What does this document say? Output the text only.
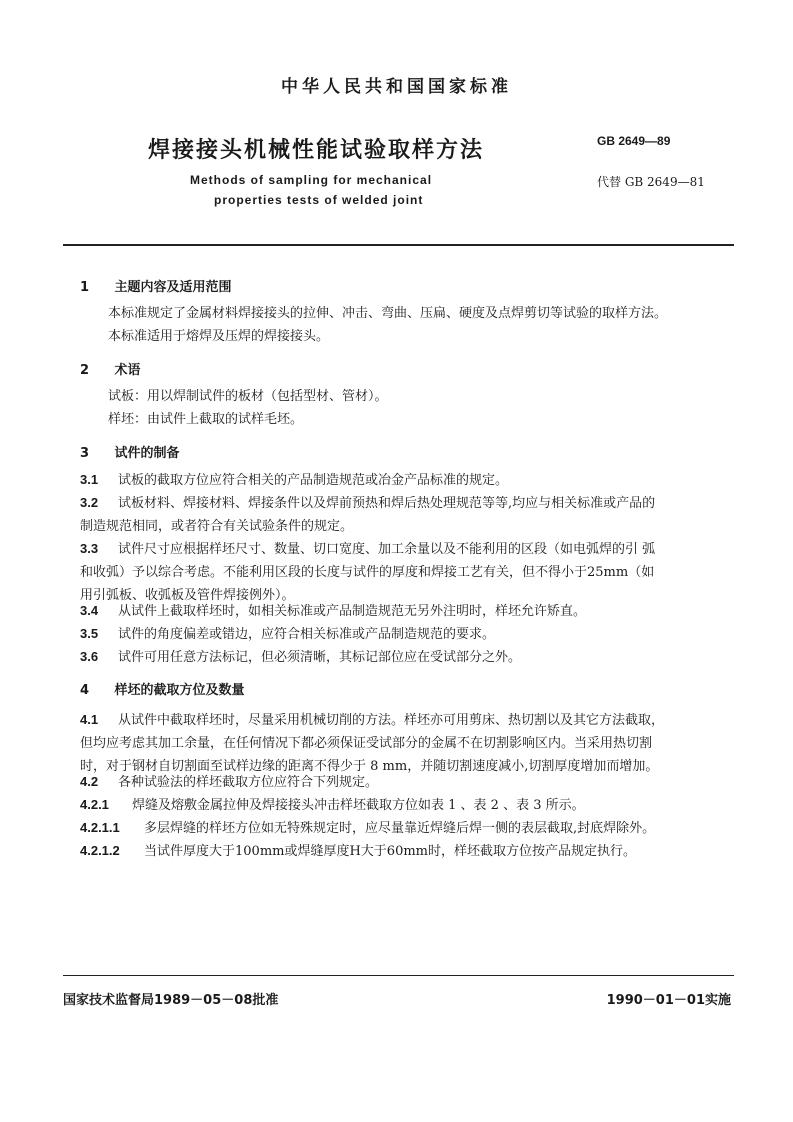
中华人民共和国国家标准
焊接接头机械性能试验取样方法	GB 2649—89
Methods of sampling for mechanical
properties tests of welded joint
代替 GB 2649—81
1 主题内容及适用范围
本标准规定了金属材料焊接接头的拉伸、冲击、弯曲、压扁、硬度及点焊剪切等试验的取样方法。
本标准适用于熔焊及压焊的焊接接头。
2 术语
试板：用以焊制试件的板材（包括型材、管材）。
样坯：由试件上截取的试样毛坯。
3 试件的制备
3.1 试板的截取方位应符合相关的产品制造规范或冶金产品标准的规定。
3.2 试板材料、焊接材料、焊接条件以及焊前预热和焊后热处理规范等等,均应与相关标准或产品的
制造规范相同，或者符合有关试验条件的规定。
3.3 试件尺寸应根据样坯尺寸、数量、切口宽度、加工余量以及不能利用的区段（如电弧焊的引 弧
和收弧）予以综合考虑。不能利用区段的长度与试件的厚度和焊接工艺有关，但不得小于25mm（如
用引弧板、收弧板及管件焊接例外）。
3.4 从试件上截取样坯时，如相关标准或产品制造规范无另外注明时，样坯允许矫直。
3.5 试件的角度偏差或错边，应符合相关标准或产品制造规范的要求。
3.6 试件可用任意方法标记，但必须清晰，其标记部位应在受试部分之外。
4 样坯的截取方位及数量
4.1 从试件中截取样坯时，尽量采用机械切削的方法。样坯亦可用剪床、热切割以及其它方法截取，
但均应考虑其加工余量，在任何情况下都必须保证受试部分的金属不在切割影响区内。当采用热切割
时，对于钢材自切割面至试样边缘的距离不得少于 8 mm，并随切割速度减小,切割厚度增加而增加。
4.2 各种试验法的样坯截取方位应符合下列规定。
4.2.1 焊缝及熔敷金属拉伸及焊接接头冲击样坯截取方位如表 1 、表 2 、表 3 所示。
4.2.1.1 多层焊缝的样坯方位如无特殊规定时，应尽量靠近焊缝后焊一侧的表层截取,封底焊除外。
4.2.1.2 当试件厚度大于100mm或焊缝厚度H大于60mm时，样坯截取方位按产品规定执行。
国家技术监督局1989－05－08批准	1990－01－01实施
